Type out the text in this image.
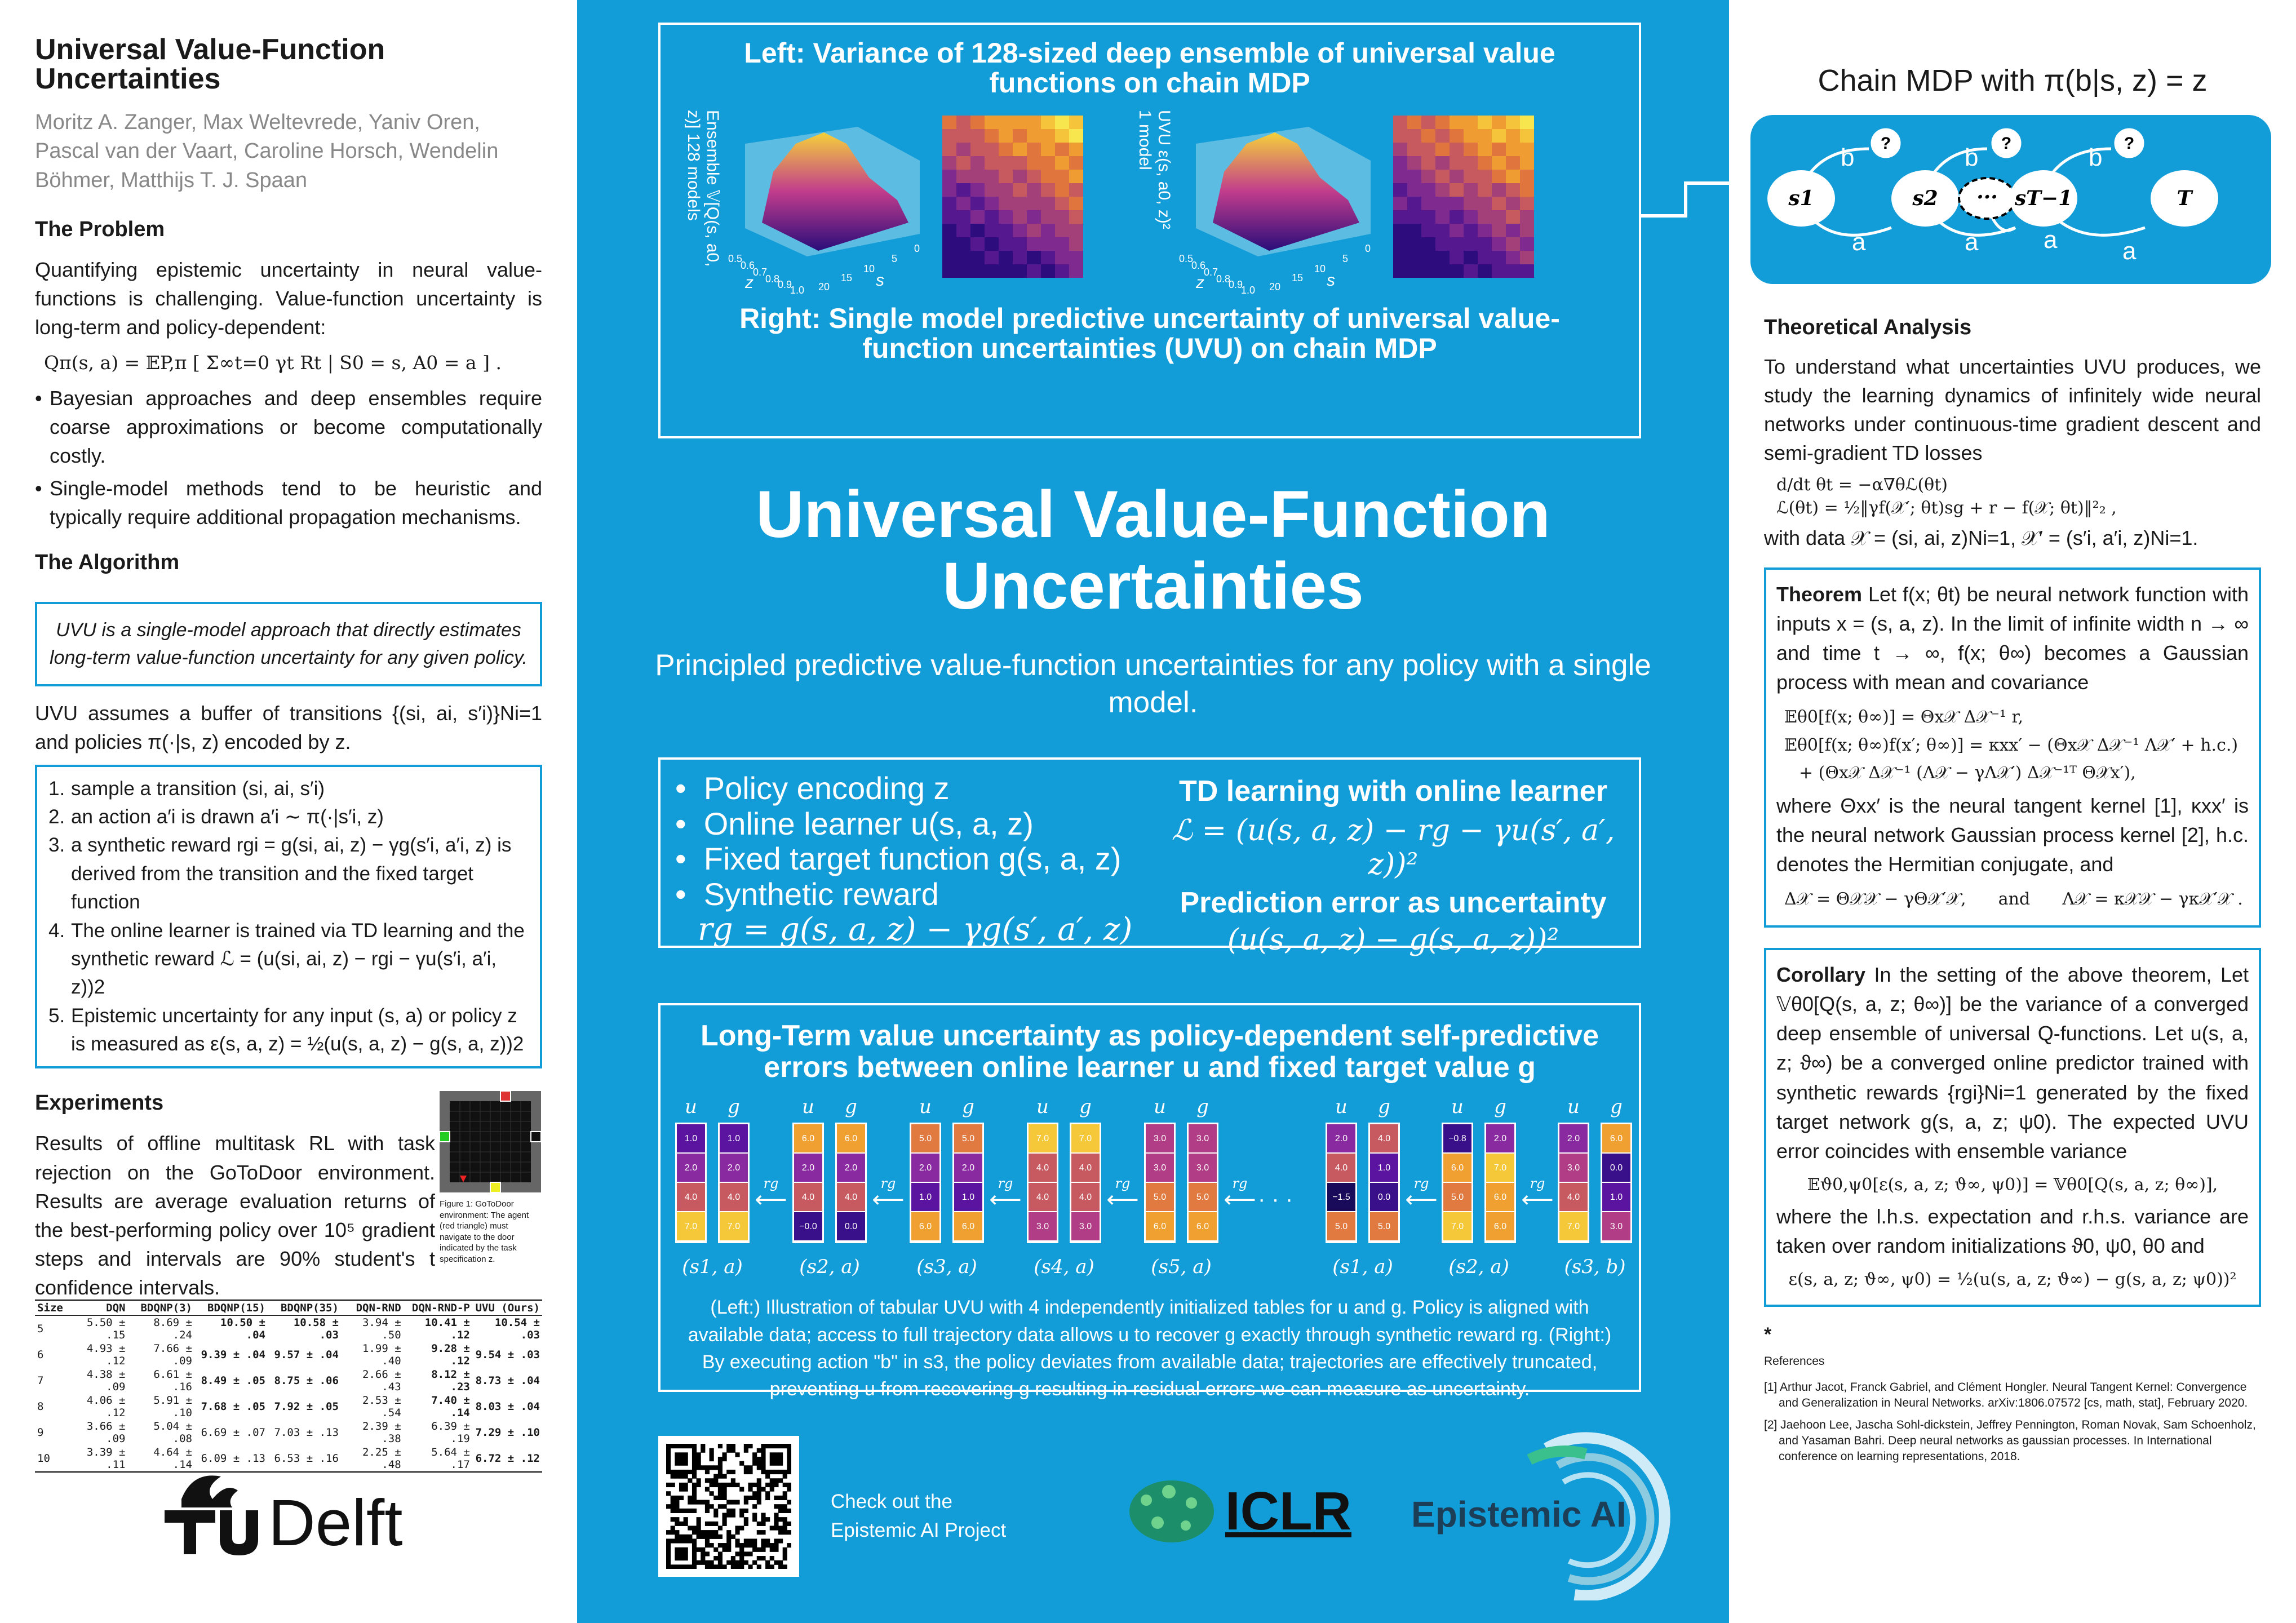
Universal Value-Function Uncertainties
Moritz A. Zanger, Max Weltevrede, Yaniv Oren, Pascal van der Vaart, Caroline Horsch, Wendelin Böhmer, Matthijs T. J. Spaan
The Problem
Quantifying epistemic uncertainty in neural value-functions is challenging. Value-function uncertainty is long-term and policy-dependent:
Qπ(s, a) = 𝔼P,π [ Σ∞t=0 γt Rt | S0 = s, A0 = a ] .
• Bayesian approaches and deep ensembles require coarse approximations or become computationally costly.
• Single-model methods tend to be heuristic and typically require additional propagation mechanisms.
The Algorithm
UVU is a single-model approach that directly estimates long-term value-function uncertainty for any given policy.
UVU assumes a buffer of transitions {(si, ai, s′i)}Ni=1 and policies π(·|s, z) encoded by z.
1. sample a transition (si, ai, s′i)
2. an action a′i is drawn a′i ∼ π(·|s′i, z)
3. a synthetic reward rgi = g(si, ai, z) − γg(s′i, a′i, z) is derived from the transition and the fixed target function
4. The online learner is trained via TD learning and the synthetic reward ℒ = (u(si, ai, z) − rgi − γu(s′i, a′i, z))2
5. Epistemic uncertainty for any input (s, a) or policy z is measured as ε(s, a, z) = ½(u(s, a, z) − g(s, a, z))2
Experiments
Results of offline multitask RL with task rejection on the GoToDoor environment. Results are average evaluation returns of the best-performing policy over 10⁵ gradient steps and intervals are 90% student's t confidence intervals.
Figure 1: GoToDoor environment: The agent (red triangle) must navigate to the door indicated by the task specification z.
Size	DQN	BDQNP(3)	BDQNP(15)	BDQNP(35)	DQN-RND	DQN-RND-P	UVU (Ours)
5	5.50 ± .15	8.69 ± .24	10.50 ± .04	10.58 ± .03	3.94 ± .50	10.41 ± .12	10.54 ± .03
6	4.93 ± .12	7.66 ± .09	9.39 ± .04	9.57 ± .04	1.99 ± .40	9.28 ± .12	9.54 ± .03
7	4.38 ± .09	6.61 ± .16	8.49 ± .05	8.75 ± .06	2.66 ± .43	8.12 ± .23	8.73 ± .04
8	4.06 ± .12	5.91 ± .10	7.68 ± .05	7.92 ± .05	2.53 ± .54	7.40 ± .14	8.03 ± .04
9	3.66 ± .09	5.04 ± .08	6.69 ± .07	7.03 ± .13	2.39 ± .38	6.39 ± .19	7.29 ± .10
10	3.39 ± .11	4.64 ± .14	6.09 ± .13	6.53 ± .16	2.25 ± .48	5.64 ± .17	6.72 ± .12
Delft
Left: Variance of 128-sized deep ensemble of universal value functions on chain MDP
Ensemble 𝕍[Q(s, a0, z)] 128 models
0.5
0.6
0.7
0.8
0.9
1.0 20
15
10
5
0
z	s
UVU ε(s, a0, z)² 1 model
0.5
0.6
0.7
0.8
0.9
1.0 20
15
10
5
0
z	s
Right: Single model predictive uncertainty of universal value-function uncertainties (UVU) on chain MDP
Universal Value-Function Uncertainties
Principled predictive value-function uncertainties for any policy with a single model.
•  Policy encoding z
•  Online learner u(s, a, z)
•  Fixed target function g(s, a, z)
•  Synthetic reward
rg = g(s, a, z) − γg(s′, a′, z)
TD learning with online learner
ℒ = (u(s, a, z) − rg − γu(s′, a′, z))²
Prediction error as uncertainty
(u(s, a, z) − g(s, a, z))²
Long-Term value uncertainty as policy-dependent self-predictive errors between online learner u and fixed target value g
u	g
1.0
2.0
4.0
7.0
1.0
2.0
4.0
7.0
(s1, a)
rg
⟵
u	g
6.0
2.0
4.0
−0.0
6.0
2.0
4.0
0.0
(s2, a)
rg
⟵
u	g
5.0
2.0
1.0
6.0
5.0
2.0
1.0
6.0
(s3, a)
rg
⟵
u	g
7.0
4.0
4.0
3.0
7.0
4.0
4.0
3.0
(s4, a)
rg
⟵
u	g
3.0
3.0
5.0
6.0
3.0
3.0
5.0
6.0
(s5, a)
rg
⟵ · · ·
u	g
2.0
4.0
−1.5
5.0
4.0
1.0
0.0
5.0
(s1, a)
rg
⟵
u	g
−0.8
6.0
5.0
7.0
2.0
7.0
6.0
6.0
(s2, a)
rg
⟵
u	g
2.0
3.0
4.0
7.0
6.0
0.0
1.0
3.0
(s3, b)
(Left:) Illustration of tabular UVU with 4 independently initialized tables for u and g. Policy is aligned with available data; access to full trajectory data allows u to recover g exactly through synthetic reward rg. (Right:) By executing action "b" in s3, the policy deviates from available data; trajectories are effectively truncated, preventing u from recovering g resulting in residual errors we can measure as uncertainty.
Check out the Epistemic AI Project	ICLR Epistemic AI
Chain MDP with π(b|s, z) = z
b	b	b
a	a	a	a
?	?	?
s1	s2 ··· sT−1	T
Theoretical Analysis
To understand what uncertainties UVU produces, we study the learning dynamics of infinitely wide neural networks under continuous-time gradient descent and semi-gradient TD losses
d/dt θt = −α∇θℒ(θt)
ℒ(θt) = ½‖γf(𝒳′; θt)sg + r − f(𝒳; θt)‖²₂ ,
with data 𝒳 = (si, ai, z)Ni=1, 𝒳′ = (s′i, a′i, z)Ni=1.
Theorem Let f(x; θt) be neural network function with inputs x = (s, a, z). In the limit of infinite width n → ∞ and time t → ∞, f(x; θ∞) becomes a Gaussian process with mean and covariance
𝔼θ0[f(x; θ∞)] = Θx𝒳 Δ𝒳⁻¹ r,
𝔼θ0[f(x; θ∞)f(x′; θ∞)] = κxx′ − (Θx𝒳 Δ𝒳⁻¹ Λ𝒳′ + h.c.)
+ (Θx𝒳 Δ𝒳⁻¹ (Λ𝒳 − γΛ𝒳′) Δ𝒳⁻¹ᵀ Θ𝒳x′),
where Θxx′ is the neural tangent kernel [1], κxx′ is the neural network Gaussian process kernel [2], h.c. denotes the Hermitian conjugate, and
Δ𝒳 = Θ𝒳𝒳 − γΘ𝒳′𝒳,      and      Λ𝒳 = κ𝒳𝒳 − γκ𝒳′𝒳 .
Corollary In the setting of the above theorem, Let 𝕍θ0[Q(s, a, z; θ∞)] be the variance of a converged deep ensemble of universal Q-functions. Let u(s, a, z; ϑ∞) be a converged online predictor trained with synthetic rewards {rgi}Ni=1 generated by the fixed target network g(s, a, z; ψ0). The expected UVU error coincides with ensemble variance
𝔼ϑ0,ψ0[ε(s, a, z; ϑ∞, ψ0)] = 𝕍θ0[Q(s, a, z; θ∞)],
where the l.h.s. expectation and r.h.s. variance are taken over random initializations ϑ0, ψ0, θ0 and
ε(s, a, z; ϑ∞, ψ0) = ½(u(s, a, z; ϑ∞) − g(s, a, z; ψ0))²
*
References
[1] Arthur Jacot, Franck Gabriel, and Clément Hongler. Neural Tangent Kernel: Convergence and Generalization in Neural Networks. arXiv:1806.07572 [cs, math, stat], February 2020.
[2] Jaehoon Lee, Jascha Sohl-dickstein, Jeffrey Pennington, Roman Novak, Sam Schoenholz, and Yasaman Bahri. Deep neural networks as gaussian processes. In International conference on learning representations, 2018.
